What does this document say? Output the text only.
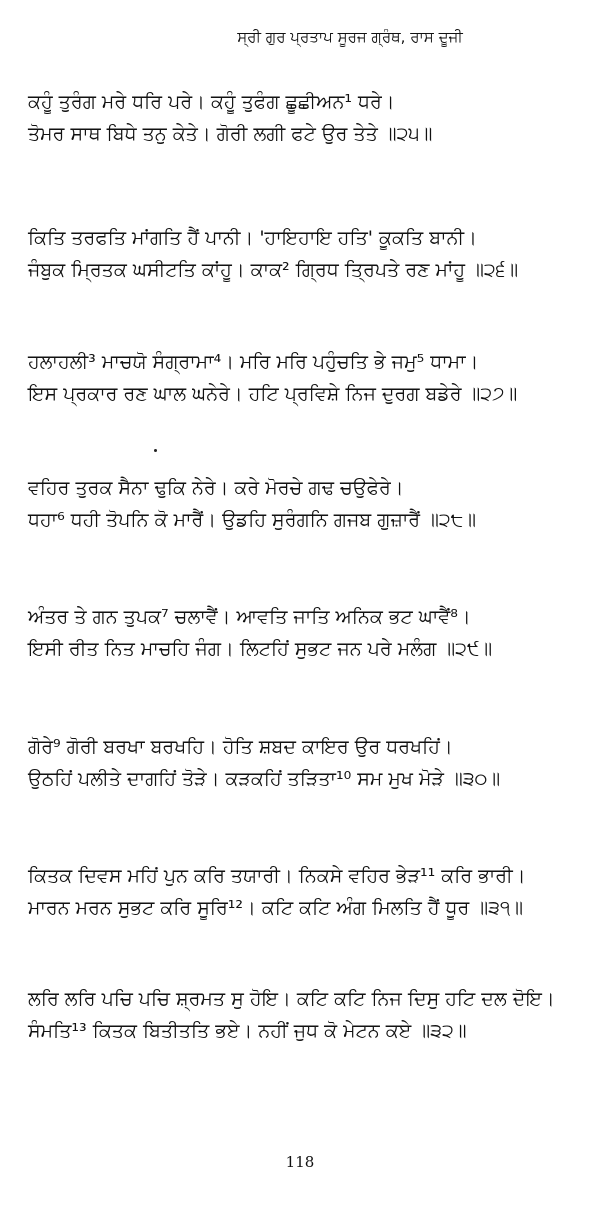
ਸ੍ਰੀ ਗੁਰ ਪ੍ਰਤਾਪ ਸੂਰਜ ਗ੍ਰੰਥ, ਰਾਸ ਦੂਜੀ
ਕਹੂੰ ਤੁਰੰਗ ਮਰੇ ਧਰਿ ਪਰੇ। ਕਹੂੰ ਤੁਫੰਗ ਛੂਛੀਅਨ¹ ਧਰੇ।
ਤੋਮਰ ਸਾਥ ਬਿਧੇ ਤਨੁ ਕੇਤੇ। ਗੋਰੀ ਲਗੀ ਫਟੇ ਉਰ ਤੇਤੇ ॥੨੫॥
ਕਿਤਿ ਤਰਫਤਿ ਮਾਂਗਤਿ ਹੈਂ ਪਾਨੀ। 'ਹਾਇਹਾਇ ਹਤਿ' ਕੂਕਤਿ ਬਾਨੀ।
ਜੰਬੁਕ ਮ੍ਰਿਤਕ ਘਸੀਟਤਿ ਕਾਂਹੂ। ਕਾਕ² ਗ੍ਰਿਧ ਤ੍ਰਿਪਤੇ ਰਣ ਮਾਂਹੂ ॥੨੬॥
ਹਲਾਹਲੀ³ ਮਾਚਯੋ ਸੰਗ੍ਰਾਮਾ⁴। ਮਰਿ ਮਰਿ ਪਹੁੰਚਤਿ ਭੇ ਜਮੁ⁵ ਧਾਮਾ।
ਇਸ ਪ੍ਰਕਾਰ ਰਣ ਘਾਲ ਘਨੇਰੇ। ਹਟਿ ਪ੍ਰਵਿਸ਼ੇ ਨਿਜ ਦੁਰਗ ਬਡੇਰੇ ॥੨੭॥
ਵਹਿਰ ਤੁਰਕ ਸੈਨਾ ਢੁਕਿ ਨੇਰੇ। ਕਰੇ ਮੋਰਚੇ ਗਢ ਚਉਫੇਰੇ।
ਧਹਾ⁶ ਧਹੀ ਤੋਪਨਿ ਕੋ ਮਾਰੈਂ। ਉਡਹਿ ਸੁਰੰਗਨਿ ਗਜਬ ਗੁਜ਼ਾਰੈਂ ॥੨੮॥
ਅੰਤਰ ਤੇ ਗਨ ਤੁਪਕ⁷ ਚਲਾਵੈਂ। ਆਵਤਿ ਜਾਤਿ ਅਨਿਕ ਭਟ ਘਾਵੈਂ⁸।
ਇਸੀ ਰੀਤ ਨਿਤ ਮਾਚਹਿ ਜੰਗ। ਲਿਟਹਿਂ ਸੁਭਟ ਜਨ ਪਰੇ ਮਲੰਗ ॥੨੯॥
ਗੋਰੇ⁹ ਗੋਰੀ ਬਰਖਾ ਬਰਖਹਿ। ਹੋਤਿ ਸ਼ਬਦ ਕਾਇਰ ਉਰ ਧਰਖਹਿਂ।
ਉਠਹਿਂ ਪਲੀਤੇ ਦਾਗਹਿਂ ਤੋੜੇ। ਕੜਕਹਿਂ ਤੜਿਤਾ¹⁰ ਸਮ ਮੁਖ ਮੋੜੇ ॥੩੦॥
ਕਿਤਕ ਦਿਵਸ ਮਹਿਂ ਪੁਨ ਕਰਿ ਤਯਾਰੀ। ਨਿਕਸੇ ਵਹਿਰ ਭੇੜ¹¹ ਕਰਿ ਭਾਰੀ।
ਮਾਰਨ ਮਰਨ ਸੁਭਟ ਕਰਿ ਸੂਰਿ¹²। ਕਟਿ ਕਟਿ ਅੰਗ ਮਿਲਤਿ ਹੈਂ ਧੂਰ ॥੩੧॥
ਲਰਿ ਲਰਿ ਪਚਿ ਪਚਿ ਸ਼੍ਰਮਤ ਸੁ ਹੋਇ। ਕਟਿ ਕਟਿ ਨਿਜ ਦਿਸੁ ਹਟਿ ਦਲ ਦੋਇ।
ਸੰਮਤਿ¹³ ਕਿਤਕ ਬਿਤੀਤਤਿ ਭਏ। ਨਹੀਂ ਜੁਧ ਕੋ ਮੇਟਨ ਕਏ ॥੩੨॥
118
